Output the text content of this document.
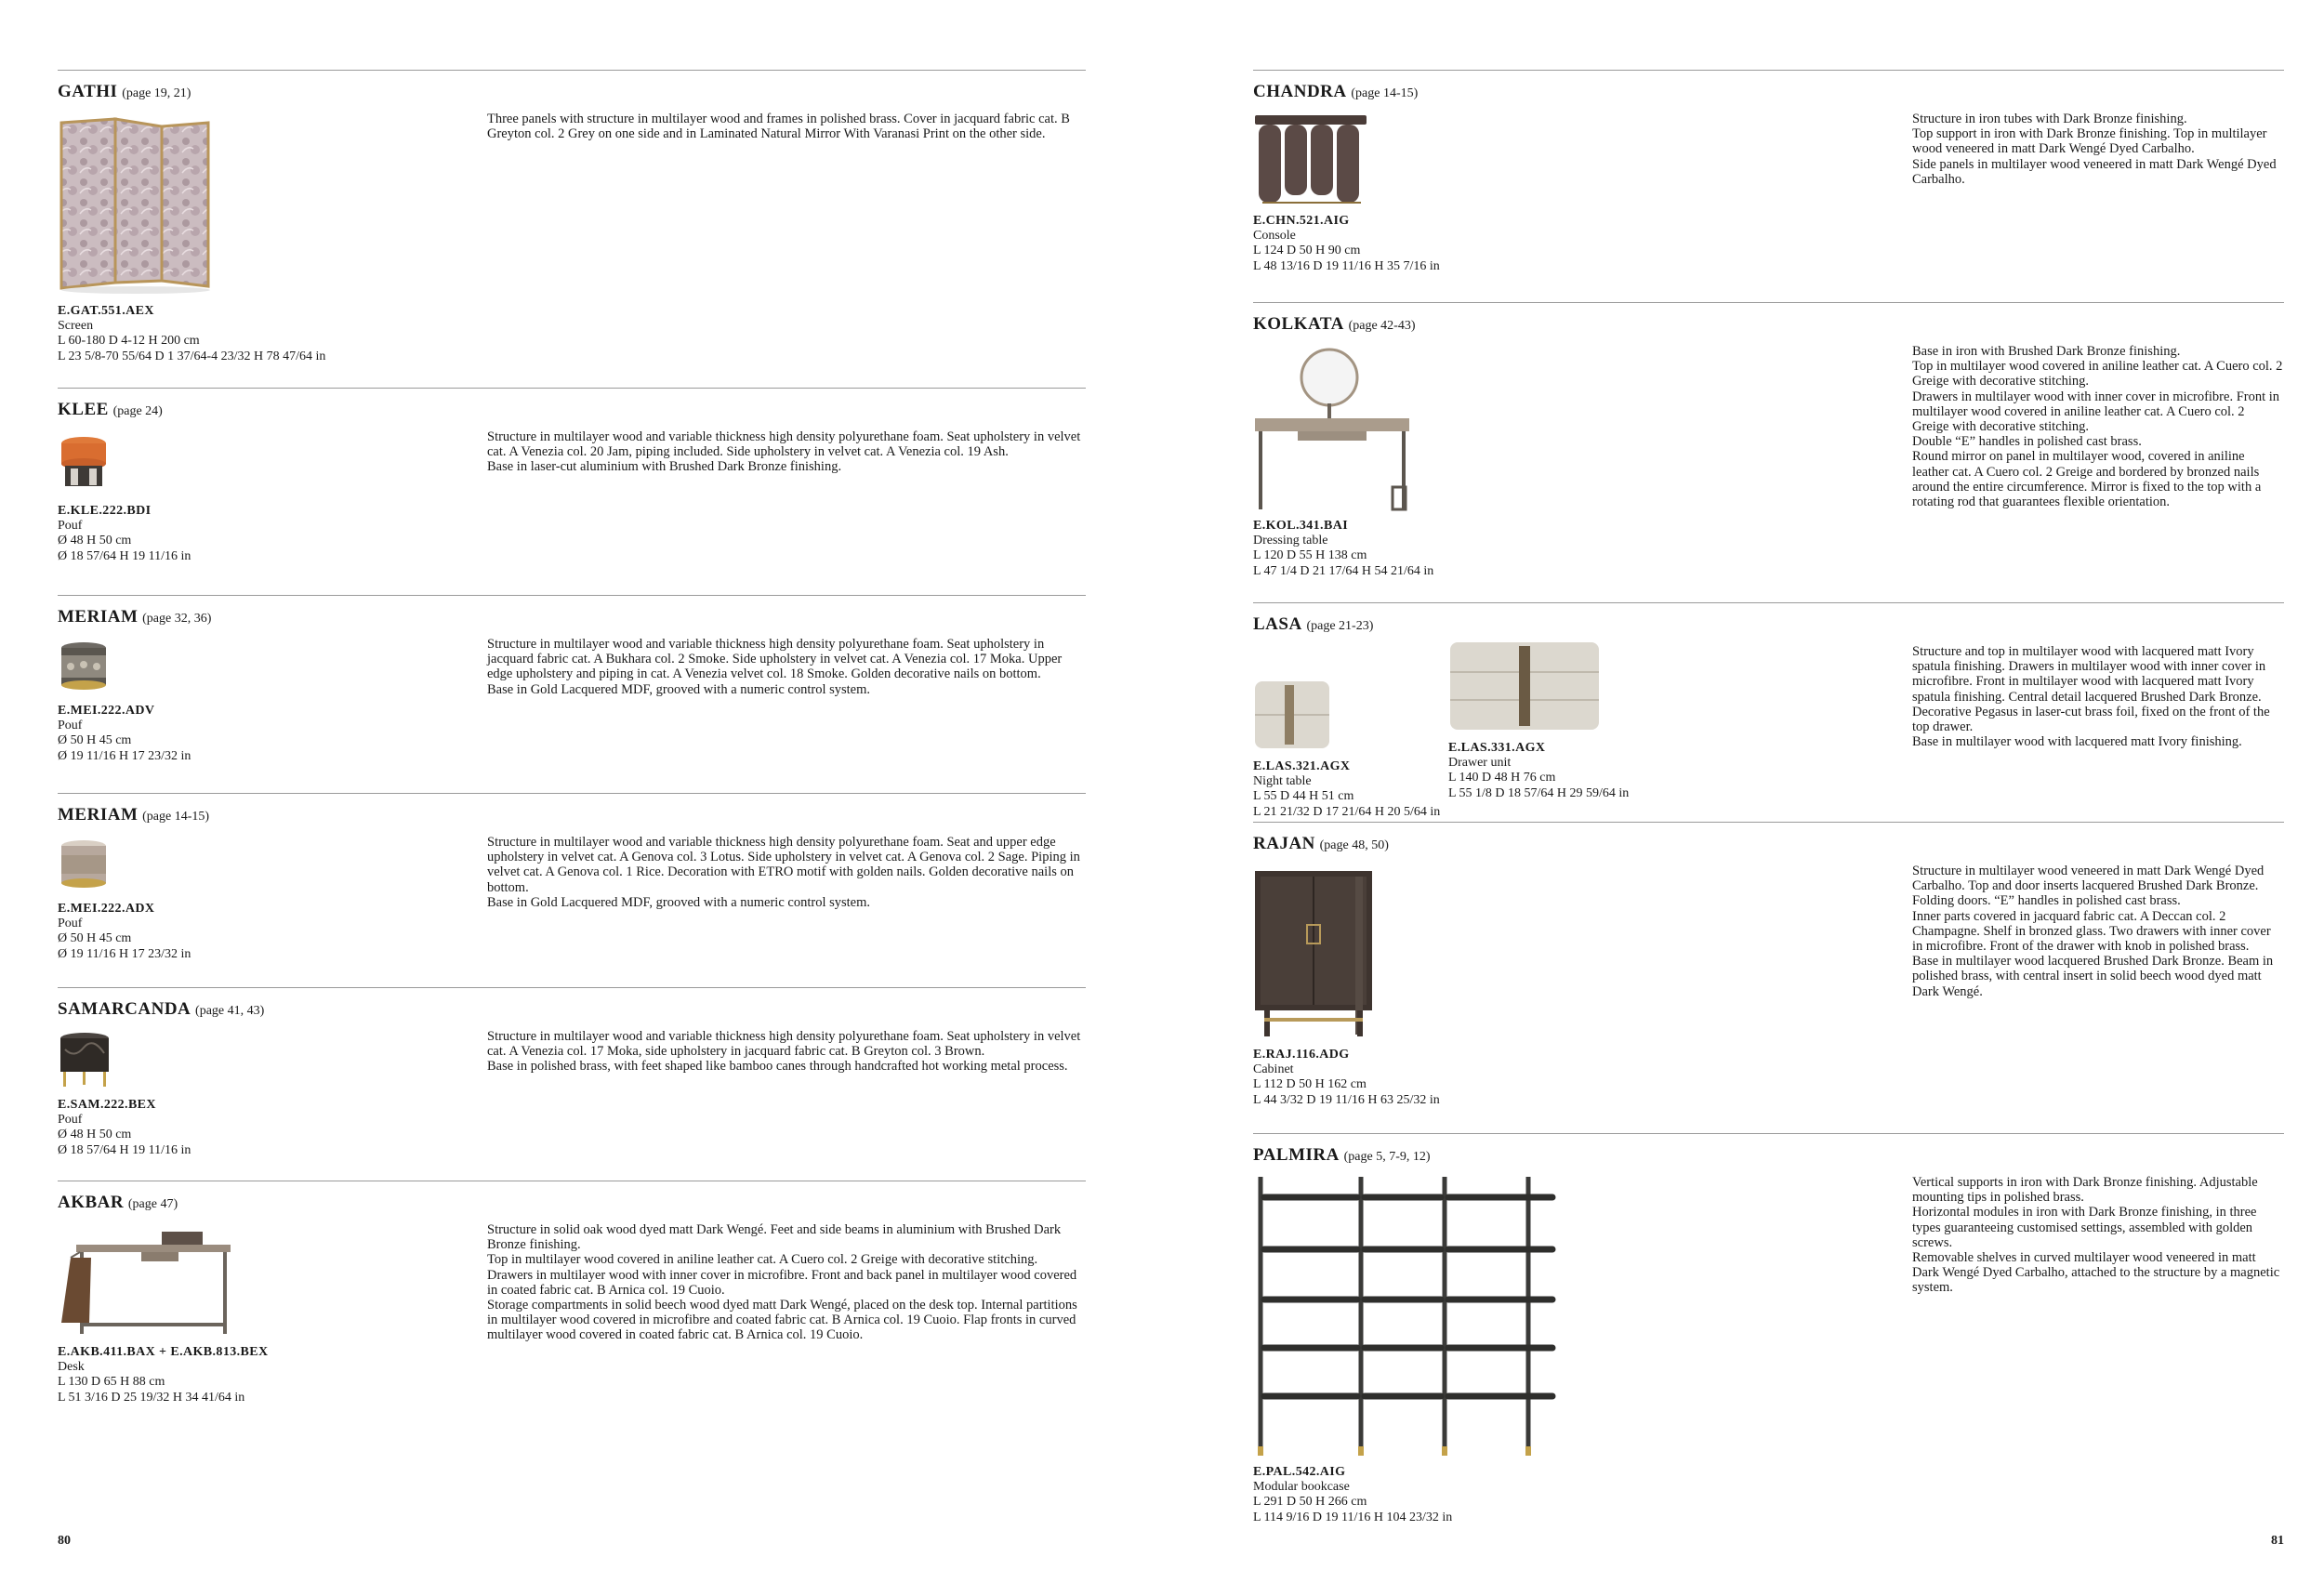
GATHI (page 19, 21)

Three panels with structure in multilayer wood and frames in polished brass. Cover in jacquard fabric cat. B Greyton col. 2 Grey on one side and in Laminated Natural Mirror With Varanasi Print on the other side.

E.GAT.551.AEX
Screen
L 60-180 D 4-12 H 200 cm
L 23 5/8-70 55/64 D 1 37/64-4 23/32 H 78 47/64 in
KLEE (page 24)

Structure in multilayer wood and variable thickness high density polyurethane foam. Seat upholstery in velvet cat. A Venezia col. 20 Jam, piping included. Side upholstery in velvet cat. A Venezia col. 19 Ash.

Base in laser-cut aluminium with Brushed Dark Bronze finishing.

E.KLE.222.BDI
Pouf
Ø 48 H 50 cm
Ø 18 57/64 H 19 11/16 in
MERIAM (page 32, 36)

Structure in multilayer wood and variable thickness high density polyurethane foam. Seat upholstery in jacquard fabric cat. A Bukhara col. 2 Smoke. Side upholstery in velvet cat. A Venezia col. 17 Moka. Upper edge upholstery and piping in cat. A Venezia velvet col. 18 Smoke. Golden decorative nails on bottom.

Base in Gold Lacquered MDF, grooved with a numeric control system.

E.MEI.222.ADV
Pouf
Ø 50 H 45 cm
Ø 19 11/16 H 17 23/32 in
MERIAM (page 14-15)

Structure in multilayer wood and variable thickness high density polyurethane foam. Seat and upper edge upholstery in velvet cat. A Genova col. 3 Lotus. Side upholstery in velvet cat. A Genova col. 2 Sage. Piping in velvet cat. A Genova col. 1 Rice. Decoration with ETRO motif with golden nails. Golden decorative nails on bottom.

Base in Gold Lacquered MDF, grooved with a numeric control system.

E.MEI.222.ADX
Pouf
Ø 50 H 45 cm
Ø 19 11/16 H 17 23/32 in
SAMARCANDA (page 41, 43)

Structure in multilayer wood and variable thickness high density polyurethane foam. Seat upholstery in velvet cat. A Venezia col. 17 Moka, side upholstery in jacquard fabric cat. B Greyton col. 3 Brown.

Base in polished brass, with feet shaped like bamboo canes through handcrafted hot working metal process.

E.SAM.222.BEX
Pouf
Ø 48 H 50 cm
Ø 18 57/64 H 19 11/16 in
AKBAR (page 47)

Structure in solid oak wood dyed matt Dark Wengé. Feet and side beams in aluminium with Brushed Dark Bronze finishing.

Top in multilayer wood covered in aniline leather cat. A Cuero col. 2 Greige with decorative stitching.

Drawers in multilayer wood with inner cover in microfibre. Front and back panel in multilayer wood covered in coated fabric cat. B Arnica col. 19 Cuoio.

Storage compartments in solid beech wood dyed matt Dark Wengé, placed on the desk top. Internal partitions in multilayer wood covered in microfibre and coated fabric cat. B Arnica col. 19 Cuoio. Flap fronts in curved multilayer wood covered in coated fabric cat. B Arnica col. 19 Cuoio.

E.AKB.411.BAX + E.AKB.813.BEX
Desk
L 130 D 65 H 88 cm
L 51 3/16 D 25 19/32 H 34 41/64 in
80
CHANDRA (page 14-15)

Structure in iron tubes with Dark Bronze finishing.

Top support in iron with Dark Bronze finishing. Top in multilayer wood veneered in matt Dark Wengé Dyed Carbalho.

Side panels in multilayer wood veneered in matt Dark Wengé Dyed Carbalho.

E.CHN.521.AIG
Console
L 124 D 50 H 90 cm
L 48 13/16 D 19 11/16 H 35 7/16 in
KOLKATA (page 42-43)

Base in iron with Brushed Dark Bronze finishing.

Top in multilayer wood covered in aniline leather cat. A Cuero col. 2 Greige with decorative stitching.

Drawers in multilayer wood with inner cover in microfibre. Front in multilayer wood covered in aniline leather cat. A Cuero col. 2 Greige with decorative stitching.

Double “E” handles in polished cast brass.

Round mirror on panel in multilayer wood, covered in aniline leather cat. A Cuero col. 2 Greige and bordered by bronzed nails around the entire circumference. Mirror is fixed to the top with a rotating rod that guarantees flexible orientation.

E.KOL.341.BAI
Dressing table
L 120 D 55 H 138 cm
L 47 1/4 D 21 17/64 H 54 21/64 in
LASA (page 21-23)

Structure and top in multilayer wood with lacquered matt Ivory spatula finishing. Drawers in multilayer wood with inner cover in microfibre. Front in multilayer wood with lacquered matt Ivory spatula finishing. Central detail lacquered Brushed Dark Bronze. Decorative Pegasus in laser-cut brass foil, fixed on the front of the top drawer.

Base in multilayer wood with lacquered matt Ivory finishing.

E.LAS.321.AGX
Night table
L 55 D 44 H 51 cm
L 21 21/32 D 17 21/64 H 20 5/64 in
E.LAS.331.AGX
Drawer unit
L 140 D 48 H 76 cm
L 55 1/8 D 18 57/64 H 29 59/64 in
RAJAN (page 48, 50)

Structure in multilayer wood veneered in matt Dark Wengé Dyed Carbalho. Top and door inserts lacquered Brushed Dark Bronze.

Folding doors. “E” handles in polished cast brass.

Inner parts covered in jacquard fabric cat. A Deccan col. 2 Champagne. Shelf in bronzed glass. Two drawers with inner cover in microfibre. Front of the drawer with knob in polished brass.

Base in multilayer wood lacquered Brushed Dark Bronze. Beam in polished brass, with central insert in solid beech wood dyed matt Dark Wengé.

E.RAJ.116.ADG
Cabinet
L 112 D 50 H 162 cm
L 44 3/32 D 19 11/16 H 63 25/32 in
PALMIRA (page 5, 7-9, 12)

Vertical supports in iron with Dark Bronze finishing. Adjustable mounting tips in polished brass.

Horizontal modules in iron with Dark Bronze finishing, in three types guaranteeing customised settings, assembled with golden screws.

Removable shelves in curved multilayer wood veneered in matt Dark Wengé Dyed Carbalho, attached to the structure by a magnetic system.

E.PAL.542.AIG
Modular bookcase
L 291 D 50 H 266 cm
L 114 9/16 D 19 11/16 H 104 23/32 in
81
